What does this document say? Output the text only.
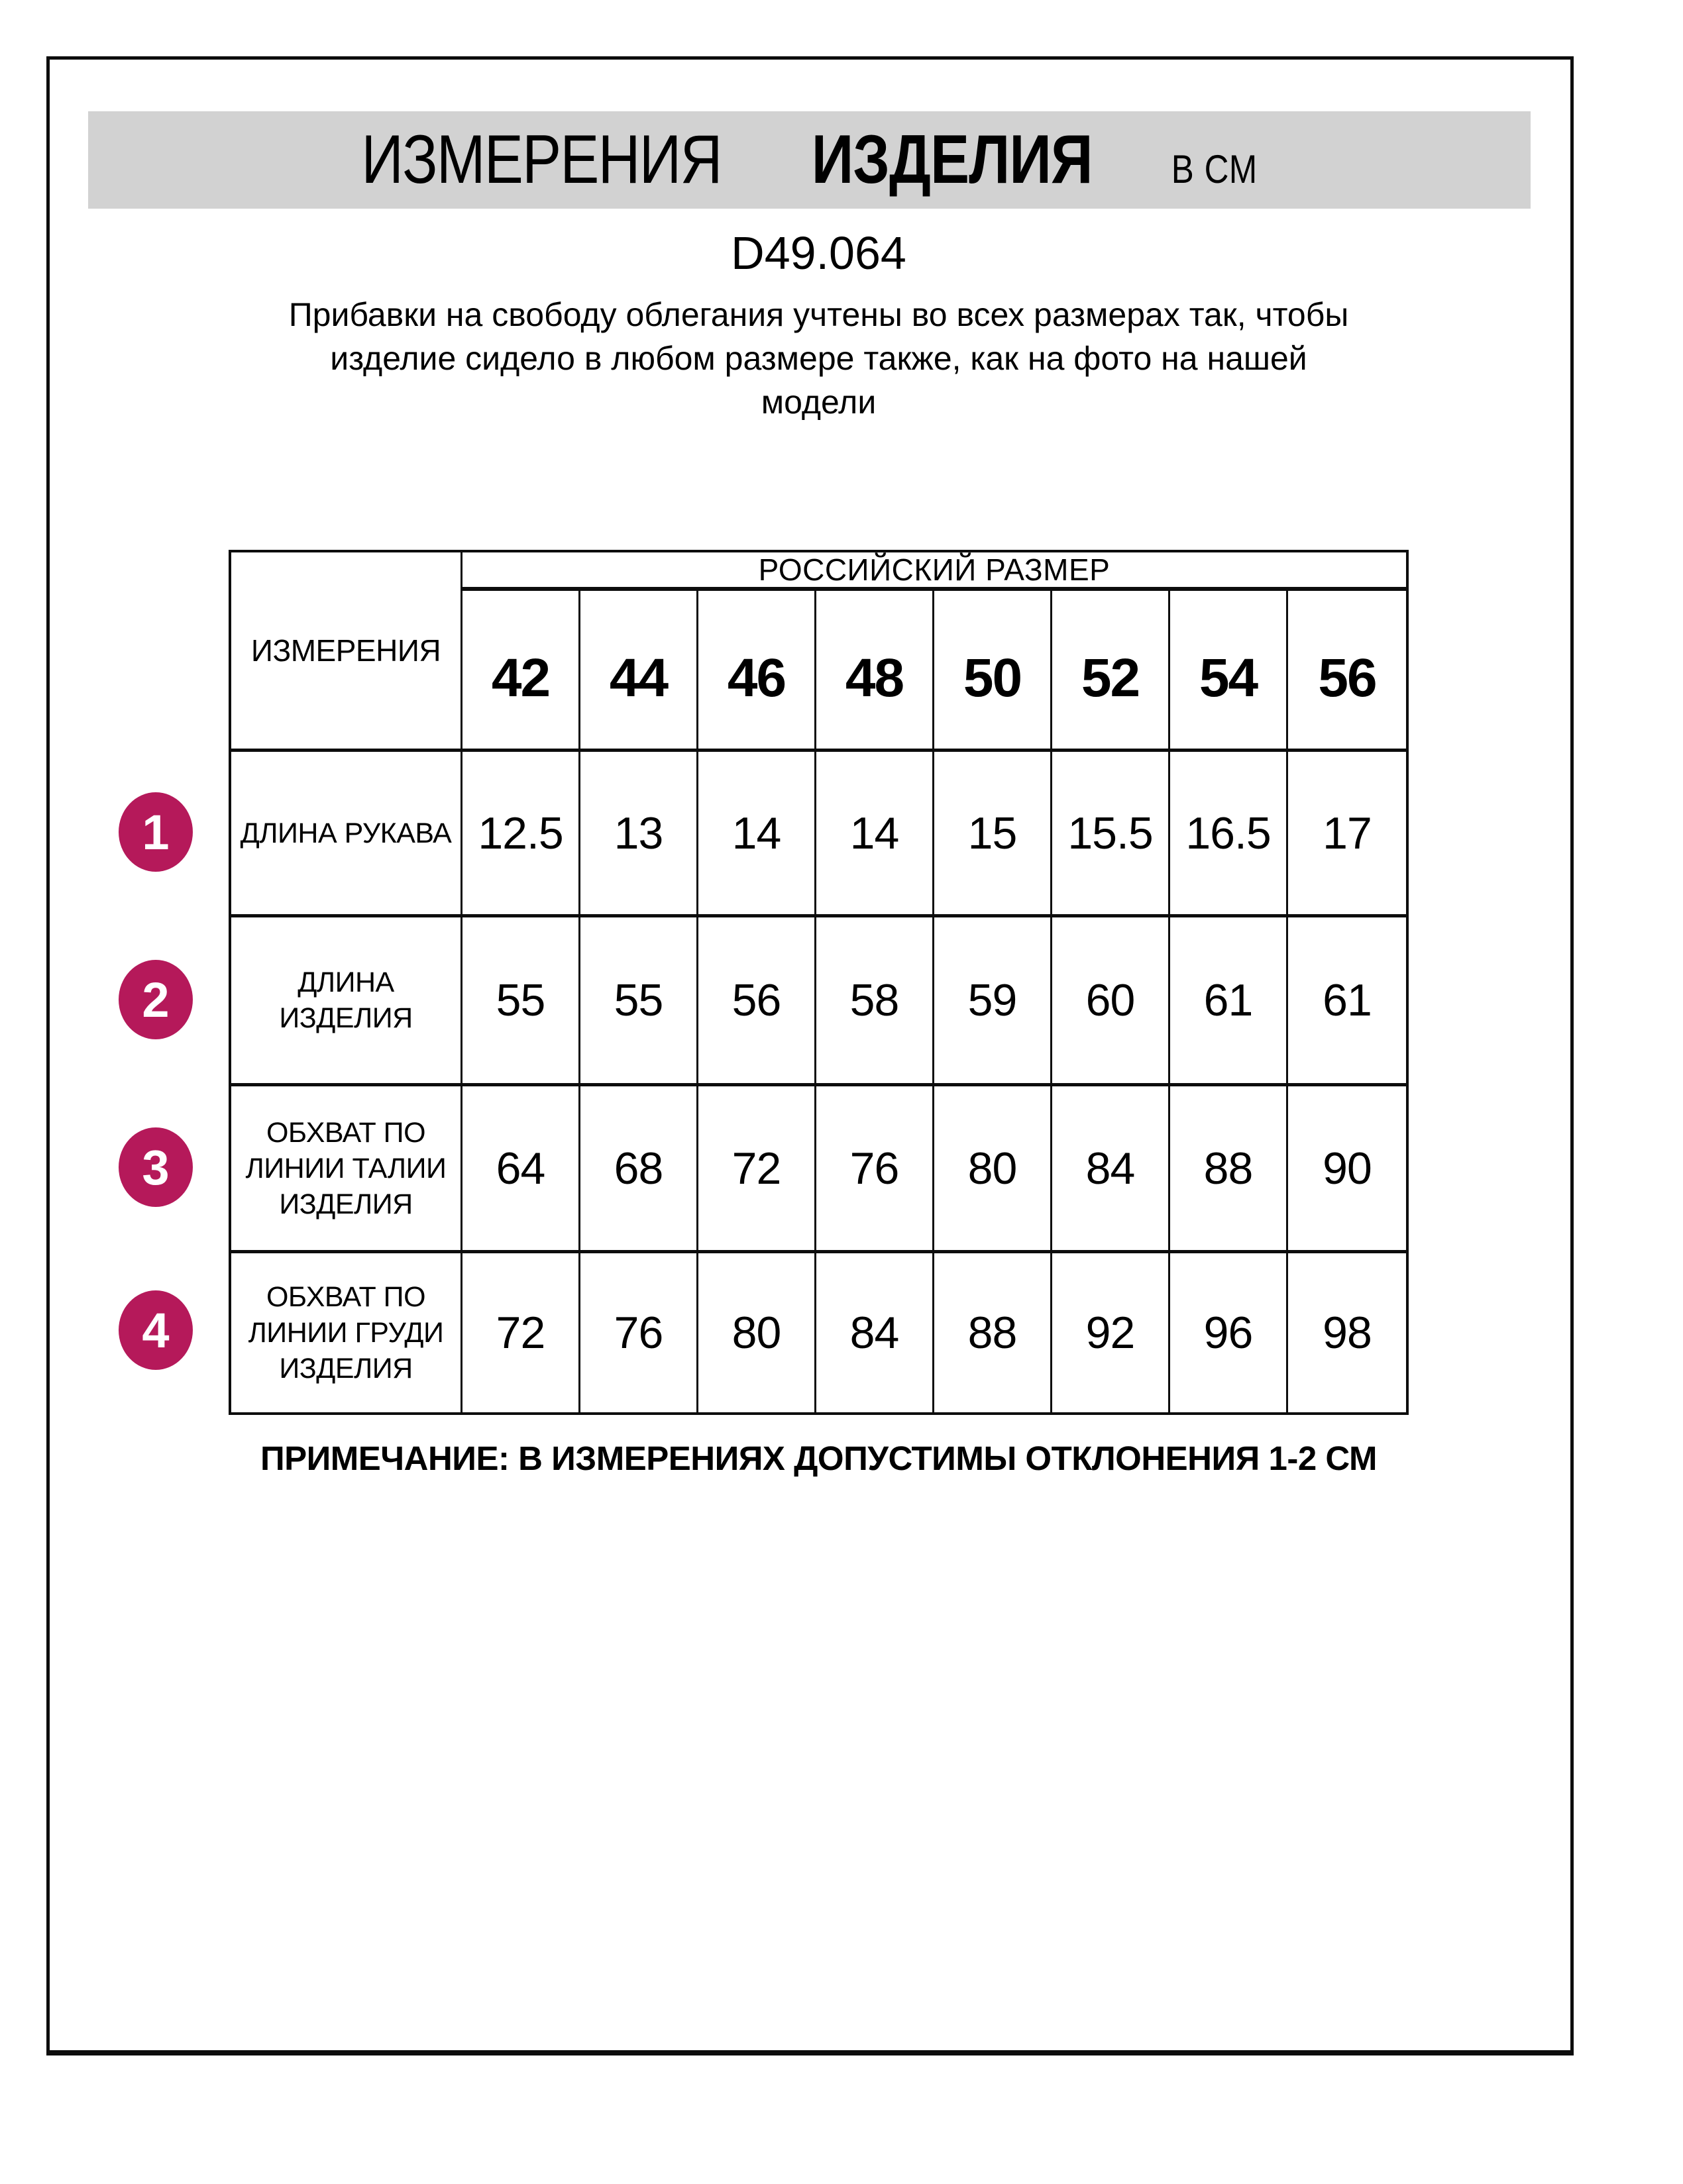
ИЗМЕРЕНИЯ ИЗДЕЛИЯ В СМ
D49.064
Прибавки на свободу облегания учтены во всех размерах так, чтобы
изделие сидело в любом размере также, как на фото на нашей
модели
ИЗМЕРЕНИЯ
РОССИЙСКИЙ РАЗМЕР
42	44	46	48	50	52	54	56
ДЛИНА РУКАВА 12.5	13	14	14	15	15.5 16.5	17
ДЛИНА
ИЗДЕЛИЯ	55	55	56	58	59	60	61	61
ОБХВАТ ПО
ЛИНИИ ТАЛИИ
ИЗДЕЛИЯ
64	68	72	76	80	84	88	90
ОБХВАТ ПО
ЛИНИИ ГРУДИ
ИЗДЕЛИЯ
72	76	80	84	88	92	96	98
1
2
3
4
ПРИМЕЧАНИЕ: В ИЗМЕРЕНИЯХ ДОПУСТИМЫ ОТКЛОНЕНИЯ 1-2 СМ
